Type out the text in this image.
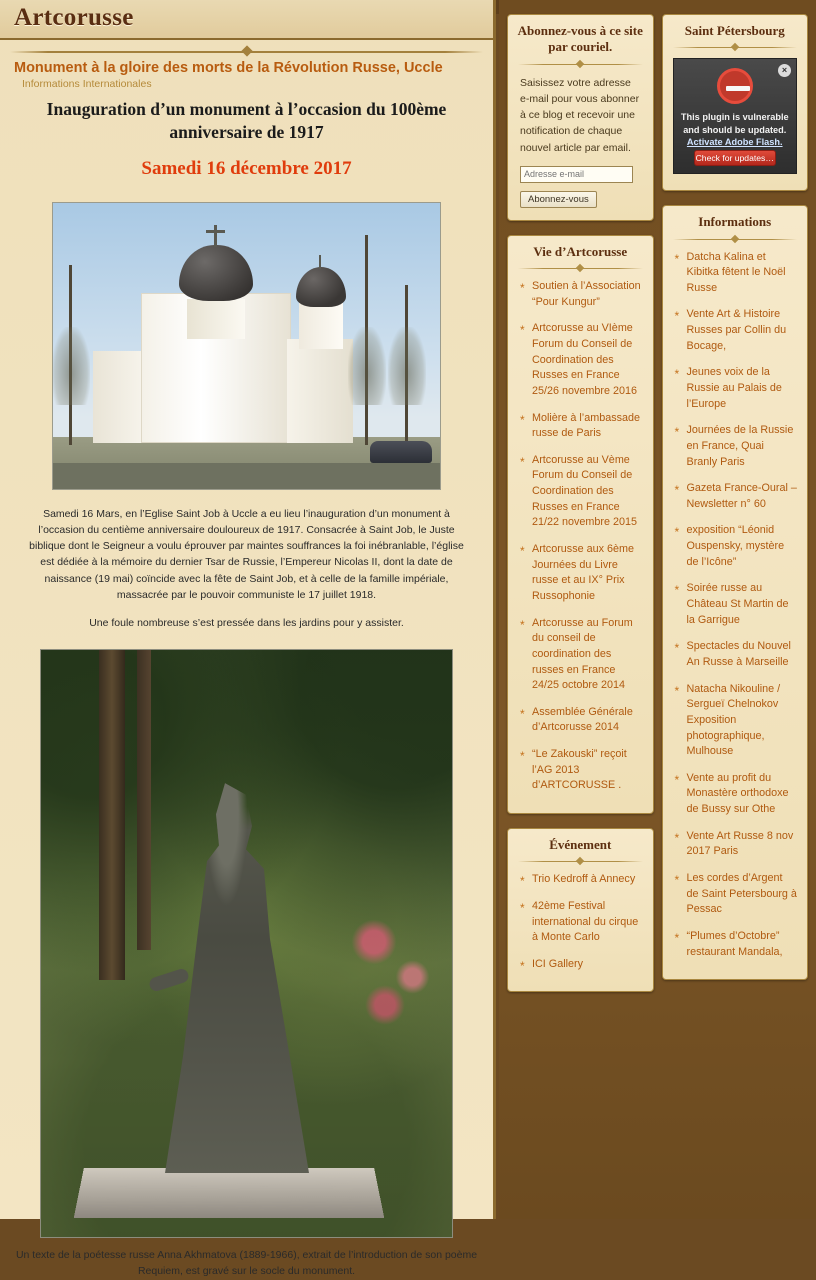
Artcorusse
Monument à la gloire des morts de la Révolution Russe, Uccle
Informations Internationales
Inauguration d’un monument à l’occasion du 100ème anniversaire de 1917
Samedi 16 décembre 2017

Samedi 16 Mars, en l’Eglise Saint Job à Uccle a eu lieu l’inauguration d’un monument à l’occasion du centième anniversaire douloureux de 1917. Consacrée à Saint Job, le Juste biblique dont le Seigneur a voulu éprouver par maintes souffrances la foi inébranlable, l’église est dédiée à la mémoire du dernier Tsar de Russie, l’Empereur Nicolas II, dont la date de naissance (19 mai) coïncide avec la fête de Saint Job, et à celle de la famille impériale, massacrée par le pouvoir communiste le 17 juillet 1918.

Une foule nombreuse s’est pressée dans les jardins pour y assister.

Un texte de la poétesse russe Anna Akhmatova (1889-1966), extrait de l’introduction de son poème Requiem, est gravé sur le socle du monument.

Abonnez-vous à ce site par couriel.
Saisissez votre adresse e-mail pour vous abonner à ce blog et recevoir une notification de chaque nouvel article par email.
Adresse e-mail
Abonnez-vous
Vie d’Artcorusse
* Soutien à l’Association “Pour Kungur”
* Artcorusse au VIème Forum du Conseil de Coordination des Russes en France 25/26 novembre 2016
* Molière à l’ambassade russe de Paris
* Artcorusse au Vème Forum du Conseil de Coordination des Russes en France 21/22 novembre 2015
* Artcorusse aux 6ème Journées du Livre russe et au IX° Prix Russophonie
* Artcorusse au Forum du conseil de coordination des russes en France 24/25 octobre 2014
* Assemblée Générale d’Artcorusse 2014
* “Le Zakouski” reçoit l’AG 2013 d’ARTCORUSSE .
Événement
* Trio Kedroff à Annecy
* 42ème Festival international du cirque à Monte Carlo
* ICI Gallery
Saint Pétersbourg
×
This plugin is vulnerable
and should be updated.
Activate Adobe Flash.
Check for updates…
Informations
* Datcha Kalina et Kibitka fêtent le Noël Russe
* Vente Art & Histoire Russes par Collin du Bocage,
* Jeunes voix de la Russie au Palais de l’Europe
* Journées de la Russie en France, Quai Branly Paris
* Gazeta France-Oural – Newsletter n° 60
* exposition “Léonid Ouspensky, mystère de l’Icône”
* Soirée russe au Château St Martin de la Garrigue
* Spectacles du Nouvel An Russe à Marseille
* Natacha Nikouline / Sergueï Chelnokov Exposition photographique, Mulhouse
* Vente au profit du Monastère orthodoxe de Bussy sur Othe
* Vente Art Russe 8 nov 2017 Paris
* Les cordes d’Argent de Saint Petersbourg à Pessac
* “Plumes d’Octobre” restaurant Mandala,
